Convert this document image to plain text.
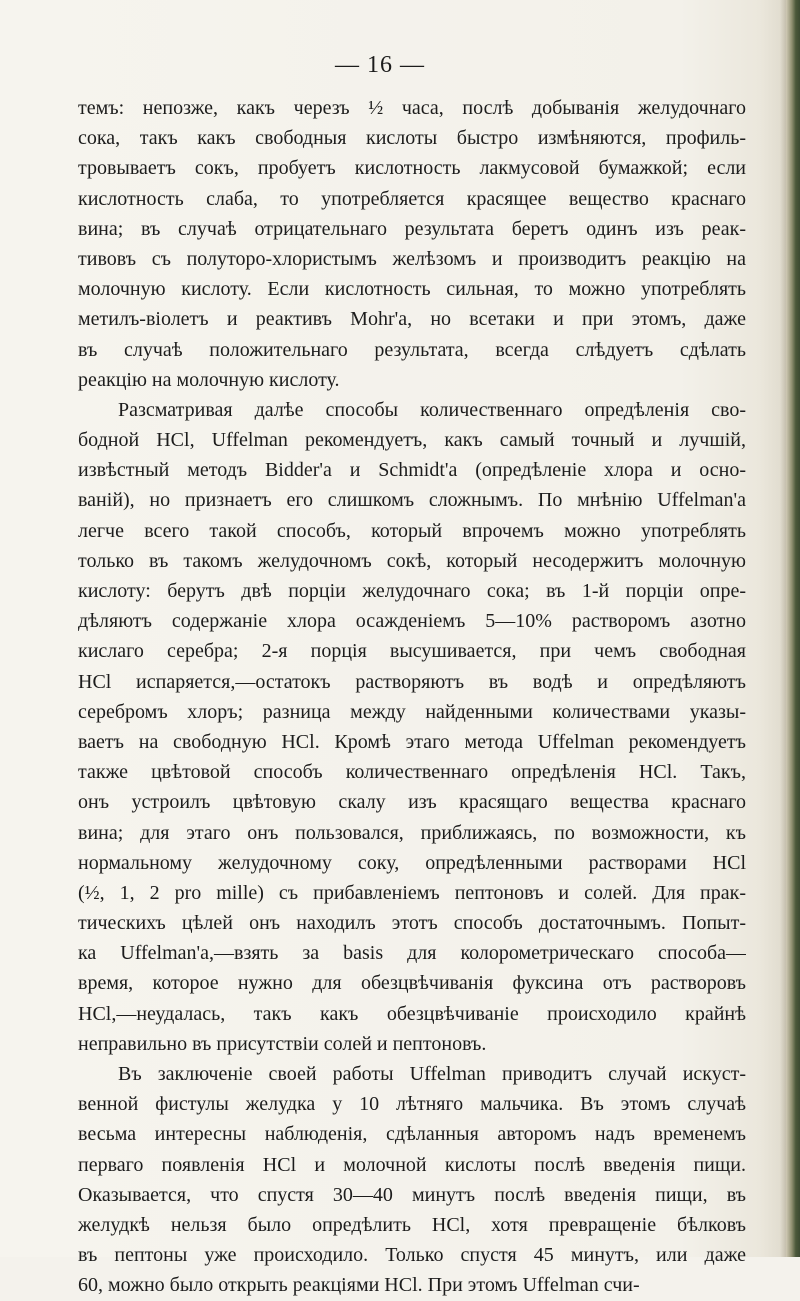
— 16 —
темъ: непозже, какъ черезъ ½ часа, послѣ добыванія желудочнаго
сока, такъ какъ свободныя кислоты быстро измѣняются, профиль-
тровываетъ сокъ, пробуетъ кислотность лакмусовой бумажкой; если
кислотность слаба, то употребляется красящее вещество краснаго
вина; въ случаѣ отрицательнаго результата беретъ одинъ изъ реак-
тивовъ съ полуторо-хлористымъ желѣзомъ и производитъ реакцію на
молочную кислоту. Если кислотность сильная, то можно употреблять
метилъ-віолетъ и реактивъ Mohr'а, но всетаки и при этомъ, даже
въ случаѣ положительнаго результата, всегда слѣдуетъ сдѣлать
реакцію на молочную кислоту.
Разсматривая далѣе способы количественнаго опредѣленія сво-
бодной HCl, Uffelman рекомендуетъ, какъ самый точный и лучшій,
извѣстный методъ Bidder'а и Schmidt'а (опредѣленіе хлора и осно-
ваній), но признаетъ его слишкомъ сложнымъ. По мнѣнію Uffelman'а
легче всего такой способъ, который впрочемъ можно употреблять
только въ такомъ желудочномъ сокѣ, который несодержитъ молочную
кислоту: берутъ двѣ порціи желудочнаго сока; въ 1-й порціи опре-
дѣляютъ содержаніе хлора осажденіемъ 5—10% растворомъ азотно
кислаго серебра; 2-я порція высушивается, при чемъ свободная
HCl испаряется,—остатокъ растворяютъ въ водѣ и опредѣляютъ
серебромъ хлоръ; разница между найденными количествами указы-
ваетъ на свободную HCl. Кромѣ этаго метода Uffelman рекомендуетъ
также цвѣтовой способъ количественнаго опредѣленія HCl. Такъ,
онъ устроилъ цвѣтовую скалу изъ красящаго вещества краснаго
вина; для этаго онъ пользовался, приближаясь, по возможности, къ
нормальному желудочному соку, опредѣленными растворами HCl
(½, 1, 2 pro mille) съ прибавленіемъ пептоновъ и солей. Для прак-
тическихъ цѣлей онъ находилъ этотъ способъ достаточнымъ. Попыт-
ка Uffelman'а,—взять за basis для колорометрическаго способа—
время, которое нужно для обезцвѣчиванія фуксина отъ растворовъ
HCl,—неудалась, такъ какъ обезцвѣчиваніе происходило крайнѣ
неправильно въ присутствіи солей и пептоновъ.
Въ заключеніе своей работы Uffelman приводитъ случай искуст-
венной фистулы желудка у 10 лѣтняго мальчика. Въ этомъ случаѣ
весьма интересны наблюденія, сдѣланныя авторомъ надъ временемъ
перваго появленія HCl и молочной кислоты послѣ введенія пищи.
Оказывается, что спустя 30—40 минутъ послѣ введенія пищи, въ
желудкѣ нельзя было опредѣлить HCl, хотя превращеніе бѣлковъ
въ пептоны уже происходило. Только спустя 45 минутъ, или даже
60, можно было открыть реакціями HCl. При этомъ Uffelman счи-
